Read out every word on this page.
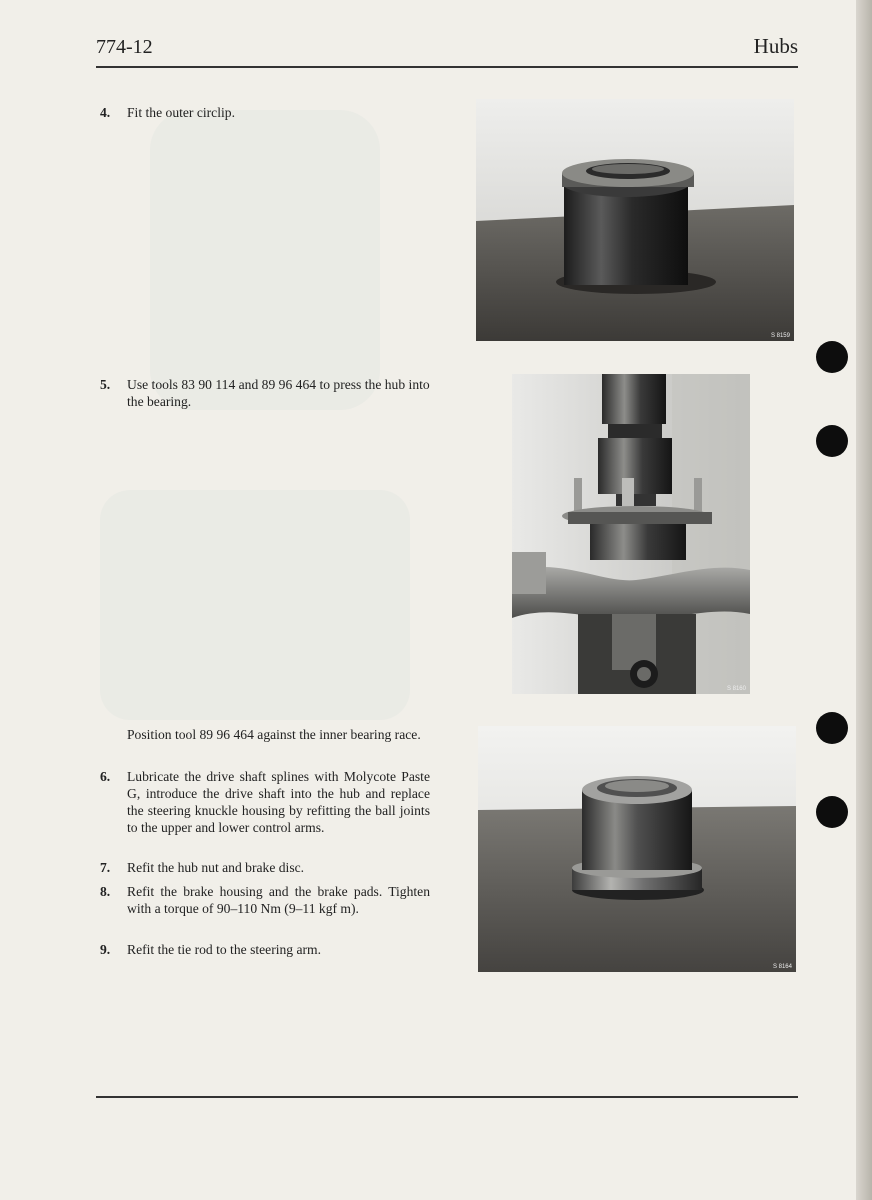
774-12	Hubs
4. Fit the outer circlip.
5. Use tools 83 90 114 and 89 96 464 to press the hub into the bearing.
Position tool 89 96 464 against the inner bearing race.
6. Lubricate the drive shaft splines with Molycote Paste G, introduce the drive shaft into the hub and replace the steering knuckle housing by refitting the ball joints to the upper and lower control arms.
7. Refit the hub nut and brake disc.
8. Refit the brake housing and the brake pads. Tighten with a torque of 90–110 Nm (9–11 kgf m).
9. Refit the tie rod to the steering arm.
S 8159
S 8160
S 8164
